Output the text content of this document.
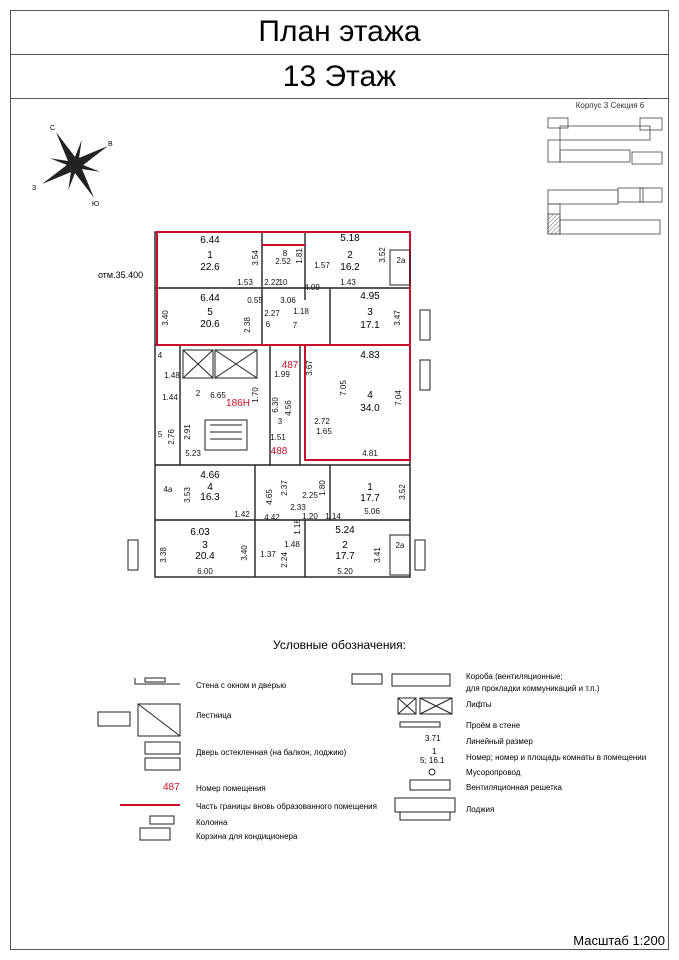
План этажа
13 Этаж
Корпус 3 Секция 6
С
В
Ю
З
отм.35.400
6.44
1
22.6
5.18
2
16.2
6.44
5
20.6
4.95
3
17.1
4.83
4
34.0
4.66
4
16.3
1
17.7
6.03
3
20.4
5.24
2
17.7
3.54	8
2.52 1.81
1.57
3.52 2a
1.53 2.22
10
4.09
1.43
0.55 3.06
3.40	2.27
6
2.38
1.18
7	3.47
4
1.48
6.65
1.44 2	1.70
1.99 3.67
7.05
7.04
5 2.76 2.91
6.30 4.56
3
1.51
5.23	4.81
4a 3.53	4.65
2.37 2.25 1.80	3.52
1.42 4.42
2.33	5.06
3.38	3.40	2.24
1.16
1.48
3.41
2a
6.00
1.37
5.20
1.20 1.14
1.65
2.72
487
186Н
488
Условные обозначения:
Стена с окном и дверью
Лестница
Дверь остекленная (на балкон, лоджию)
487 Номер помещения
Часть границы вновь образованного помещения
Колонна
Корзина для кондиционера
Короба (вентиляционные;
для прокладки коммуникаций и т.п.)
Лифты
Проём в стене
3.71	Линейный размер
1
5; 16.1	Номер; номер и площадь комнаты в помещении
Мусоропровод
Вентиляционная решетка
Лоджия
Масштаб 1:200
